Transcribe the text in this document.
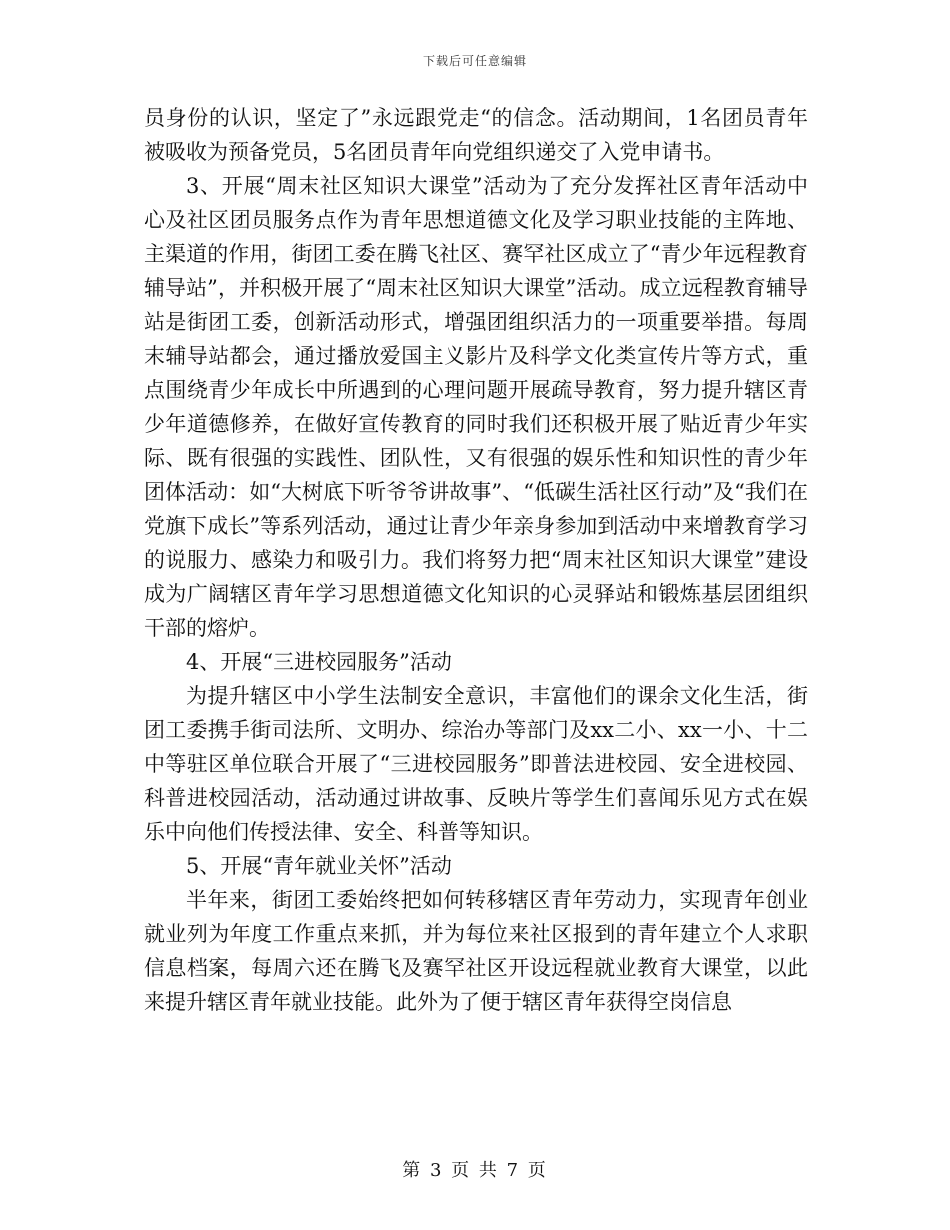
下载后可任意编辑

员身份的认识，坚定了”永远跟党走“的信念。活动期间，1名团员青年被吸收为预备党员，5名团员青年向党组织递交了入党申请书。

3、开展“周末社区知识大课堂”活动为了充分发挥社区青年活动中心及社区团员服务点作为青年思想道德文化及学习职业技能的主阵地、主渠道的作用，街团工委在腾飞社区、赛罕社区成立了“青少年远程教育辅导站”，并积极开展了“周末社区知识大课堂”活动。成立远程教育辅导站是街团工委，创新活动形式，增强团组织活力的一项重要举措。每周末辅导站都会，通过播放爱国主义影片及科学文化类宣传片等方式，重点围绕青少年成长中所遇到的心理问题开展疏导教育，努力提升辖区青少年道德修养，在做好宣传教育的同时我们还积极开展了贴近青少年实际、既有很强的实践性、团队性，又有很强的娱乐性和知识性的青少年团体活动：如“大树底下听爷爷讲故事”、“低碳生活社区行动”及“我们在党旗下成长”等系列活动，通过让青少年亲身参加到活动中来增教育学习的说服力、感染力和吸引力。我们将努力把“周末社区知识大课堂”建设成为广阔辖区青年学习思想道德文化知识的心灵驿站和锻炼基层团组织干部的熔炉。

4、开展“三进校园服务”活动

为提升辖区中小学生法制安全意识，丰富他们的课余文化生活，街团工委携手街司法所、文明办、综治办等部门及xx二小、xx一小、十二中等驻区单位联合开展了“三进校园服务”即普法进校园、安全进校园、科普进校园活动，活动通过讲故事、反映片等学生们喜闻乐见方式在娱乐中向他们传授法律、安全、科普等知识。

5、开展“青年就业关怀”活动

半年来，街团工委始终把如何转移辖区青年劳动力，实现青年创业就业列为年度工作重点来抓，并为每位来社区报到的青年建立个人求职信息档案，每周六还在腾飞及赛罕社区开设远程就业教育大课堂，以此来提升辖区青年就业技能。此外为了便于辖区青年获得空岗信息

第 3 页 共 7 页
